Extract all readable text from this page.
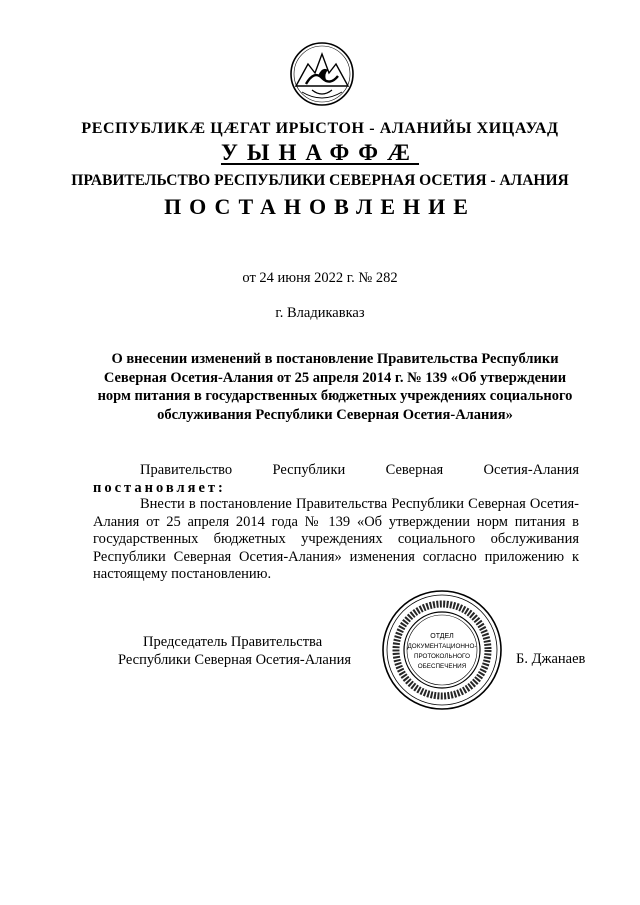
РЕСПУБЛИКÆ ЦÆГАТ ИРЫСТОН - АЛАНИЙЫ ХИЦАУАД
УЫНАФФÆ
ПРАВИТЕЛЬСТВО РЕСПУБЛИКИ СЕВЕРНАЯ ОСЕТИЯ - АЛАНИЯ
ПОСТАНОВЛЕНИЕ
от 24 июня 2022 г. № 282
г. Владикавказ
О внесении изменений в постановление Правительства Республики Северная Осетия-Алания от 25 апреля 2014 г. № 139 «Об утверждении норм питания в государственных бюджетных учреждениях социального обслуживания Республики Северная Осетия-Алания»
Правительство Республики Северная Осетия-Алания постановляет:
Внести в постановление Правительства Республики Северная Осетия-Алания от 25 апреля 2014 года № 139 «Об утверждении норм питания в государственных бюджетных учреждениях социального обслуживания Республики Северная Осетия-Алания» изменения согласно приложению к настоящему постановлению.
Председатель Правительства
Республики Северная Осетия-Алания
ОТДЕЛ
ДОКУМЕНТАЦИОННО-
ПРОТОКОЛЬНОГО
ОБЕСПЕЧЕНИЯ	Б. Джанаев
